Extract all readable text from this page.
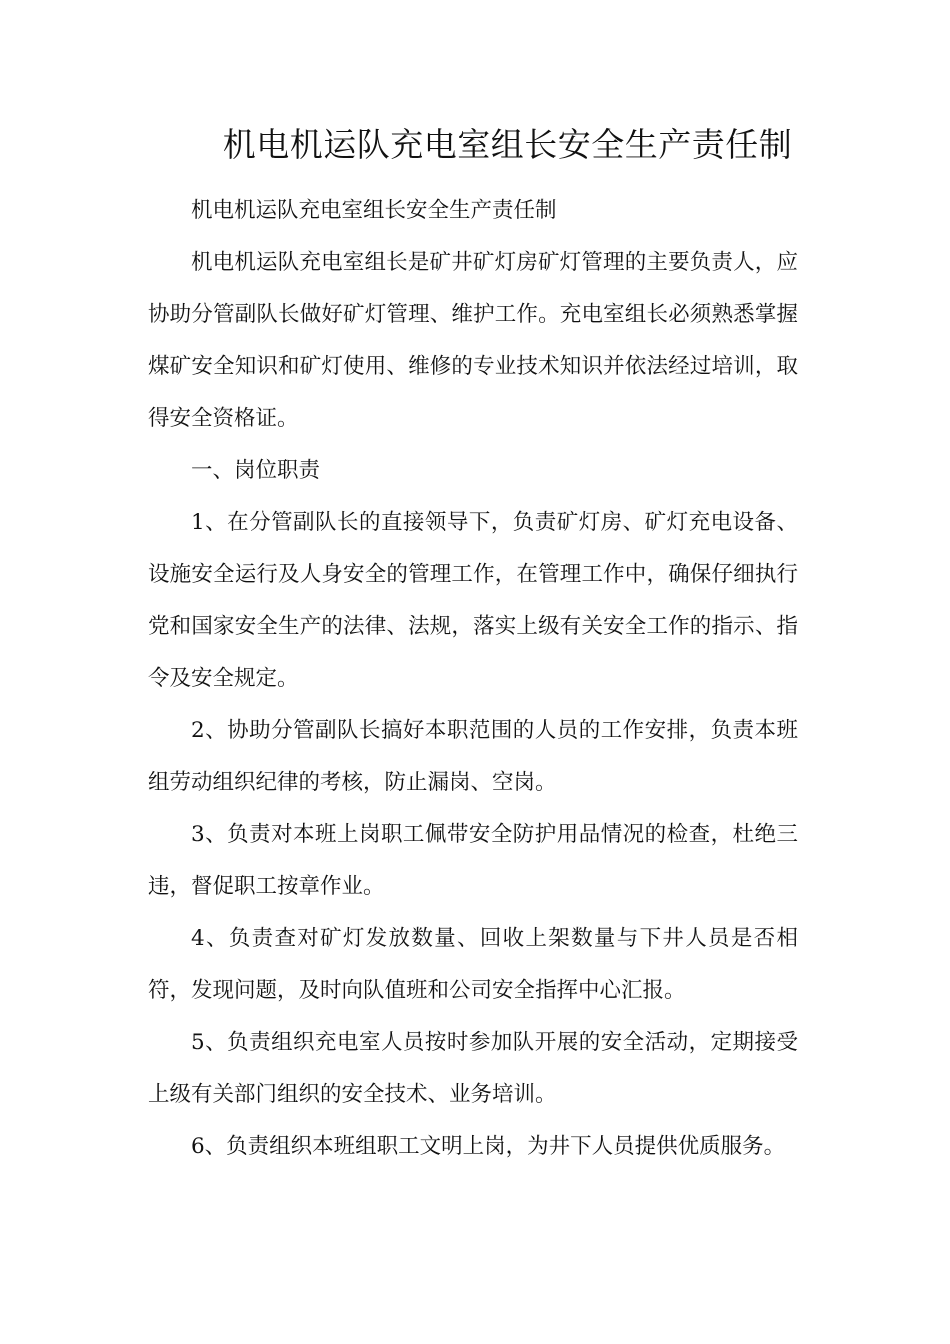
机电机运队充电室组长安全生产责任制

机电机运队充电室组长安全生产责任制

机电机运队充电室组长是矿井矿灯房矿灯管理的主要负责人，应协助分管副队长做好矿灯管理、维护工作。充电室组长必须熟悉掌握煤矿安全知识和矿灯使用、维修的专业技术知识并依法经过培训，取得安全资格证。

一、岗位职责

1、在分管副队长的直接领导下，负责矿灯房、矿灯充电设备、设施安全运行及人身安全的管理工作，在管理工作中，确保仔细执行党和国家安全生产的法律、法规，落实上级有关安全工作的指示、指令及安全规定。

2、协助分管副队长搞好本职范围的人员的工作安排，负责本班组劳动组织纪律的考核，防止漏岗、空岗。

3、负责对本班上岗职工佩带安全防护用品情况的检查，杜绝三违，督促职工按章作业。

4、负责查对矿灯发放数量、回收上架数量与下井人员是否相符，发现问题，及时向队值班和公司安全指挥中心汇报。

5、负责组织充电室人员按时参加队开展的安全活动，定期接受上级有关部门组织的安全技术、业务培训。

6、负责组织本班组职工文明上岗，为井下人员提供优质服务。
